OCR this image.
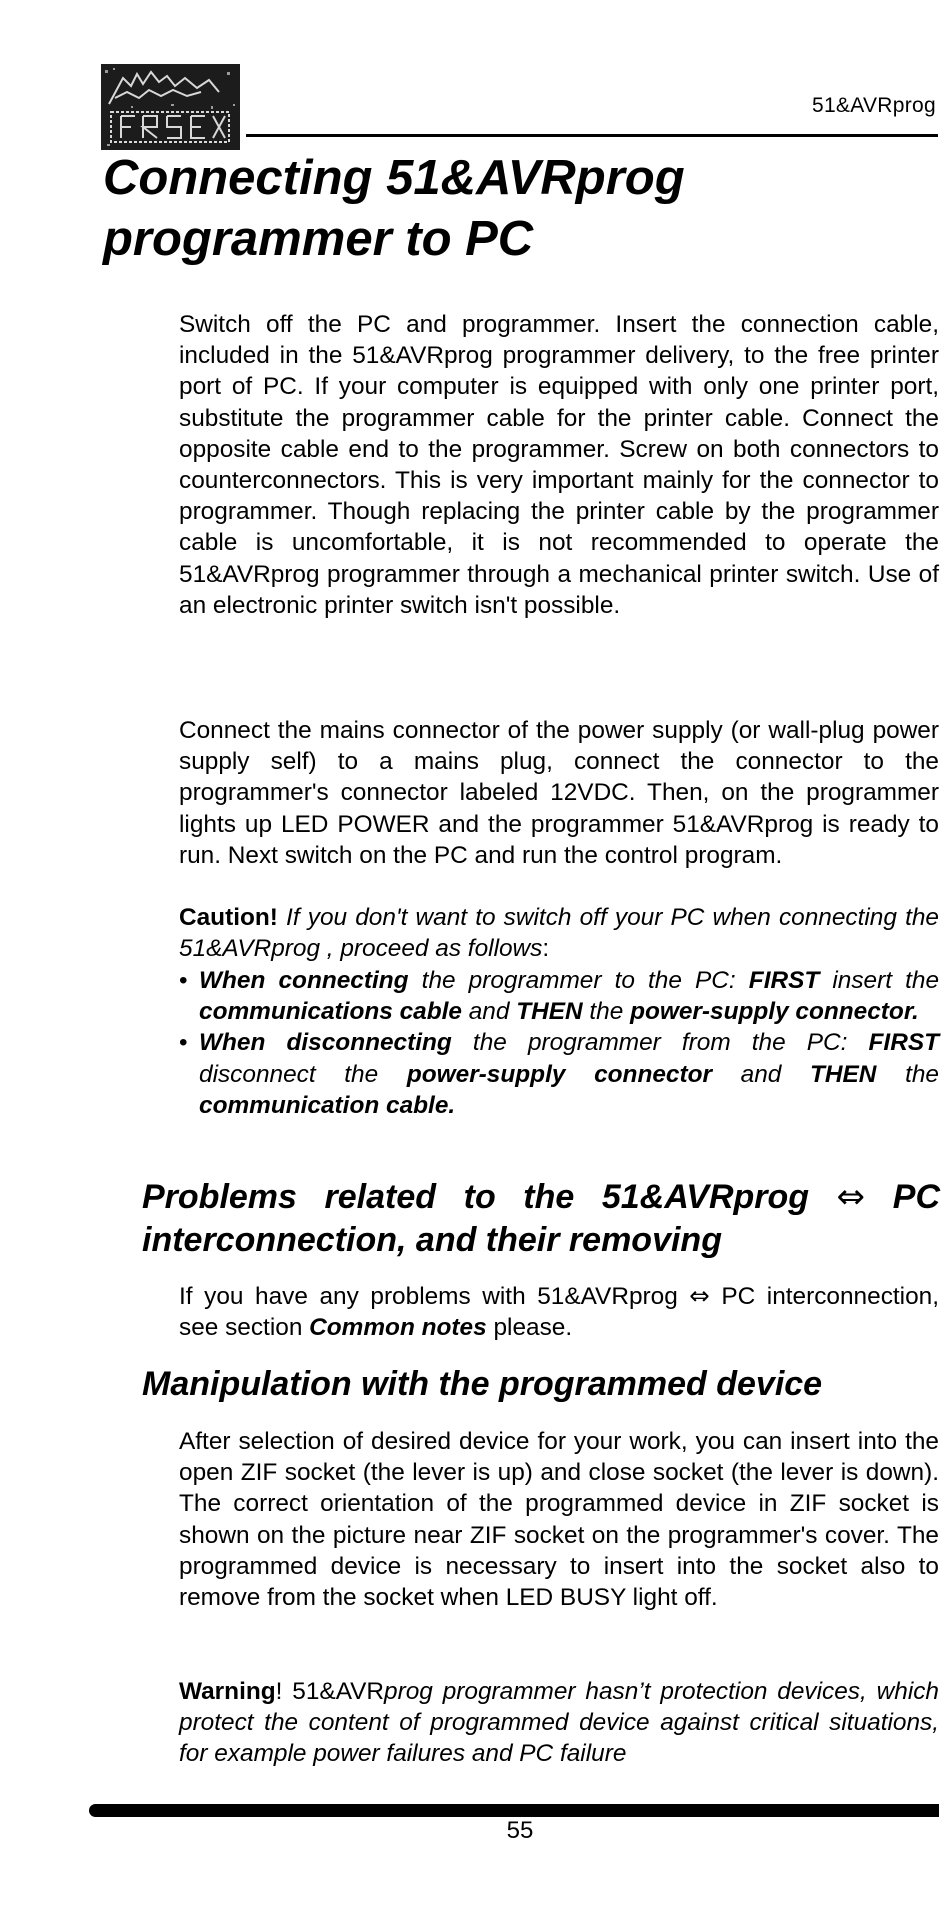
51&AVRprog
Connecting 51&AVRprog programmer to PC

Switch off the PC and programmer. Insert the connection cable, included in the 51&AVRprog programmer delivery, to the free printer port of PC. If your computer is equipped with only one printer port, substitute the programmer cable for the printer cable. Connect the opposite cable end to the programmer. Screw on both connectors to counterconnectors. This is very important mainly for the connector to programmer. Though replacing the printer cable by the programmer cable is uncomfortable, it is not recommended to operate the 51&AVRprog programmer through a mechanical printer switch. Use of an electronic printer switch isn't possible.

Connect the mains connector of the power supply (or wall-plug power supply self) to a mains plug, connect the connector to the programmer's connector labeled 12VDC. Then, on the programmer lights up LED POWER and the programmer 51&AVRprog is ready to run. Next switch on the PC and run the control program.

Caution! If you don't want to switch off your PC when connecting the 51&AVRprog , proceed as follows:

• When connecting the programmer to the PC: FIRST insert the communications cable and THEN the power-supply connector.
• When disconnecting the programmer from the PC: FIRST disconnect the power-supply connector and THEN the communication cable.
Problems related to the 51&AVRprog ⇔ PC interconnection, and their removing

If you have any problems with 51&AVRprog ⇔ PC interconnection, see section Common notes please.

Manipulation with the programmed device

After selection of desired device for your work, you can insert into the open ZIF socket (the lever is up) and close socket (the lever is down). The correct orientation of the programmed device in ZIF socket is shown on the picture near ZIF socket on the programmer's cover. The programmed device is necessary to insert into the socket also to remove from the socket when LED BUSY light off.

Warning! 51&AVRprog programmer hasn’t protection devices, which protect the content of programmed device against critical situations, for example power failures and PC failure

55
